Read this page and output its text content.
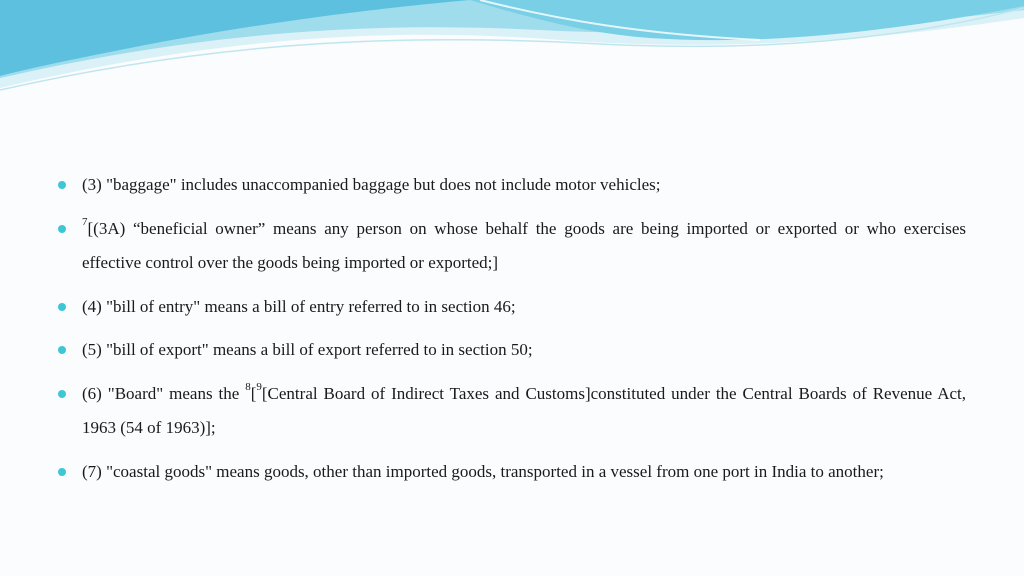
(3) "baggage" includes unaccompanied baggage but does not include motor vehicles;
$^7$[(3A) “beneficial owner” means any person on whose behalf the goods are being imported or exported or who exercises effective control over the goods being imported or exported;]
(4) "bill of entry" means a bill of entry referred to in section 46;
(5) "bill of export" means a bill of export referred to in section 50;
(6) "Board" means the $^8$[$^9$[Central Board of Indirect Taxes and Customs]constituted under the Central Boards of Revenue Act, 1963 (54 of 1963)];
(7) "coastal goods" means goods, other than imported goods, transported in a vessel from one port in India to another;
